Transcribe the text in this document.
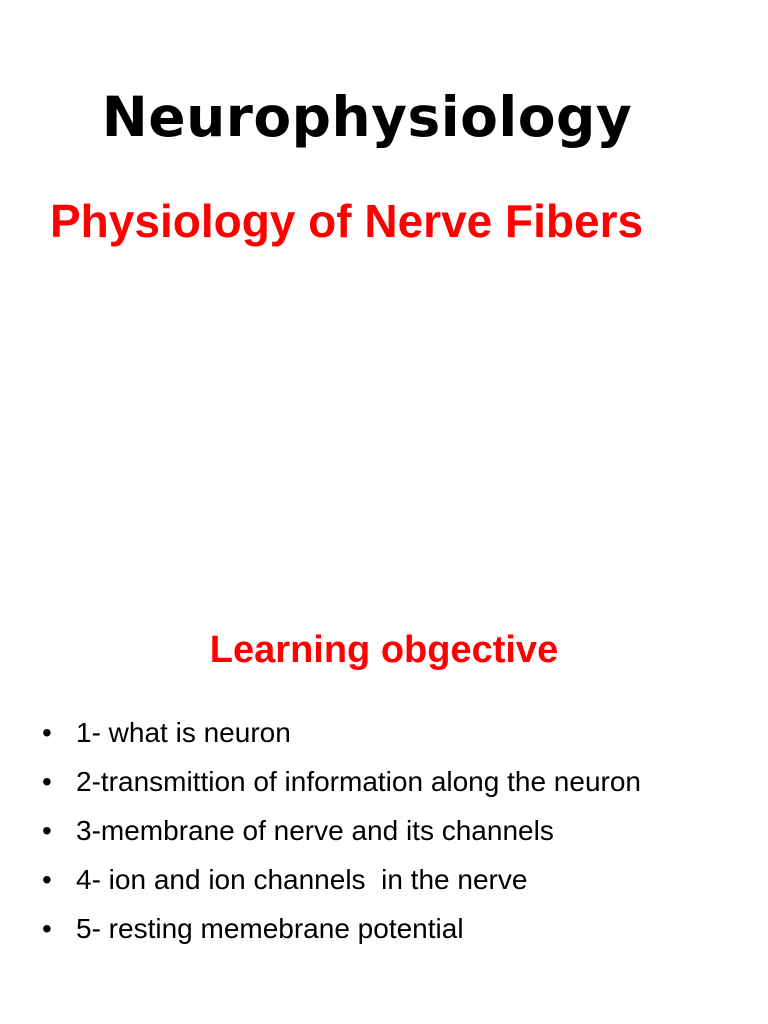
Neurophysiology
Physiology of Nerve Fibers
Learning obgective
• 1- what is neuron
• 2-transmittion of information along the neuron
• 3-membrane of nerve and its channels
• 4- ion and ion channels  in the nerve
• 5- resting memebrane potential
